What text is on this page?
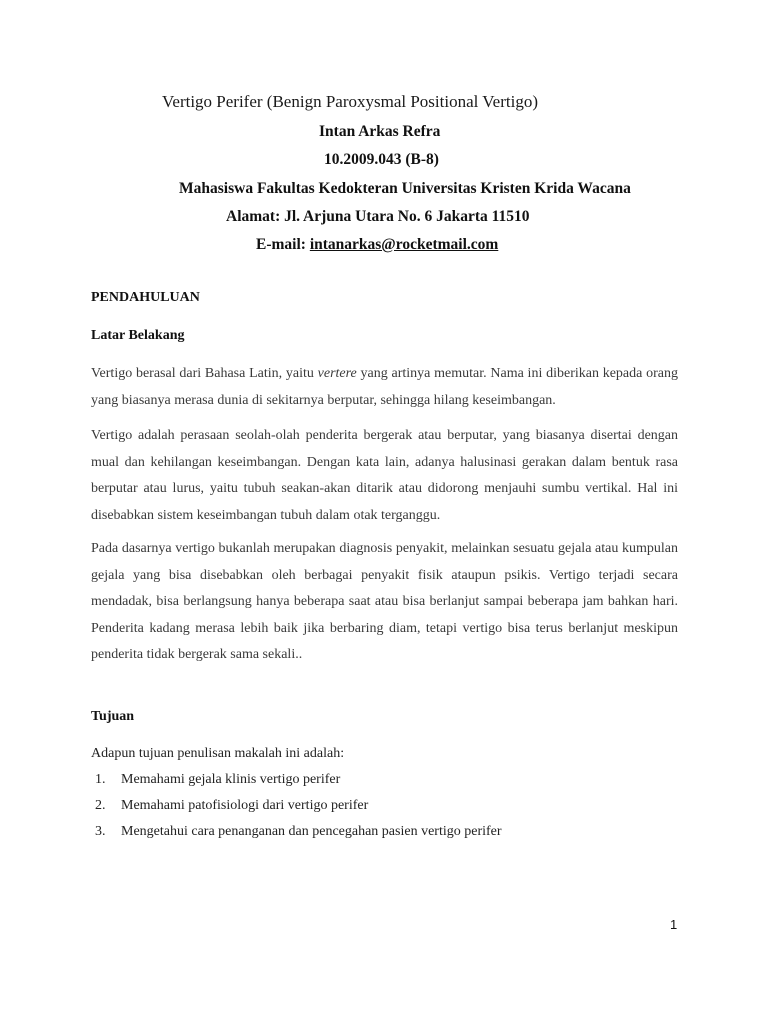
Vertigo Perifer (Benign Paroxysmal Positional Vertigo)
Intan Arkas Refra
10.2009.043 (B-8)
Mahasiswa Fakultas Kedokteran Universitas Kristen Krida Wacana
Alamat: Jl. Arjuna Utara No. 6 Jakarta 11510
E-mail: intanarkas@rocketmail.com
PENDAHULUAN
Latar Belakang

Vertigo berasal dari Bahasa Latin, yaitu vertere yang artinya memutar. Nama ini diberikan kepada orang yang biasanya merasa dunia di sekitarnya berputar, sehingga hilang keseimbangan.

Vertigo adalah perasaan seolah-olah penderita bergerak atau berputar, yang biasanya disertai dengan mual dan kehilangan keseimbangan. Dengan kata lain, adanya halusinasi gerakan dalam bentuk rasa berputar atau lurus, yaitu tubuh seakan-akan ditarik atau didorong menjauhi sumbu vertikal. Hal ini disebabkan sistem keseimbangan tubuh dalam otak terganggu.

Pada dasarnya vertigo bukanlah merupakan diagnosis penyakit, melainkan sesuatu gejala atau kumpulan gejala yang bisa disebabkan oleh berbagai penyakit fisik ataupun psikis. Vertigo terjadi secara mendadak, bisa berlangsung hanya beberapa saat atau bisa berlanjut sampai beberapa jam bahkan hari. Penderita kadang merasa lebih baik jika berbaring diam, tetapi vertigo bisa terus berlanjut meskipun penderita tidak bergerak sama sekali..

Tujuan
Adapun tujuan penulisan makalah ini adalah:
1. Memahami gejala klinis vertigo perifer
2. Memahami patofisiologi dari vertigo perifer
3. Mengetahui cara penanganan dan pencegahan pasien vertigo perifer
1
